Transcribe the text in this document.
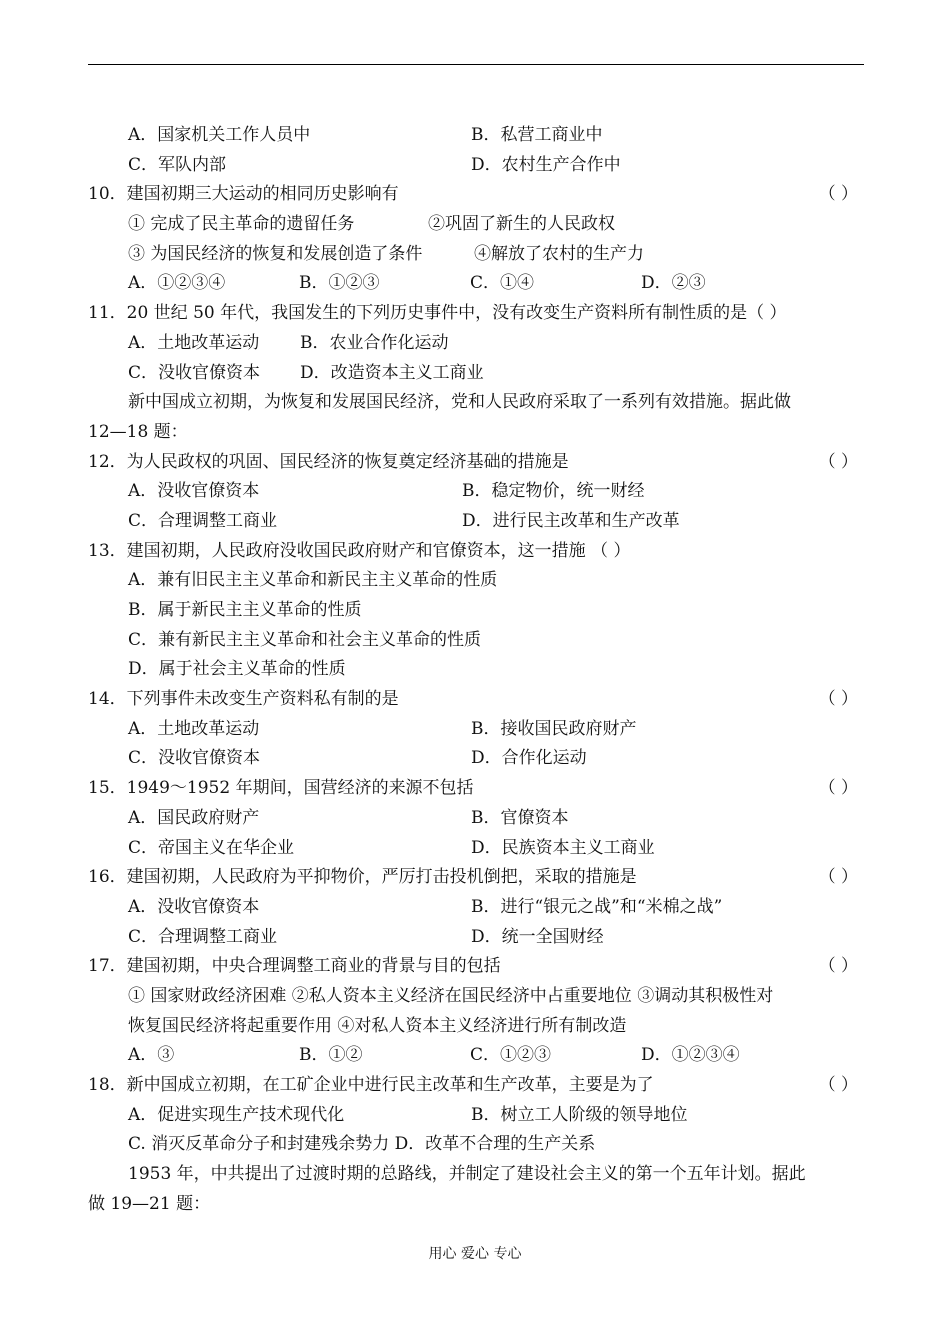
A．国家机关工作人员中	B．私营工商业中
C．军队内部	D．农村生产合作中
10．建国初期三大运动的相同历史影响有	（ ）
① 完成了民主革命的遗留任务	②巩固了新生的人民政权
③ 为国民经济的恢复和发展创造了条件	④解放了农村的生产力
A．①②③④	B．①②③	C．①④	D．②③
11．20 世纪 50 年代，我国发生的下列历史事件中，没有改变生产资料所有制性质的是（ ）
A．土地改革运动	B．农业合作化运动
C．没收官僚资本	D．改造资本主义工商业
新中国成立初期，为恢复和发展国民经济，党和人民政府采取了一系列有效措施。据此做
12—18 题：
12．为人民政权的巩固、国民经济的恢复奠定经济基础的措施是	（ ）
A．没收官僚资本	B．稳定物价，统一财经
C．合理调整工商业	D．进行民主改革和生产改革
13．建国初期，人民政府没收国民政府财产和官僚资本，这一措施 （ ）
A．兼有旧民主主义革命和新民主主义革命的性质
B．属于新民主主义革命的性质
C．兼有新民主主义革命和社会主义革命的性质
D．属于社会主义革命的性质
14．下列事件未改变生产资料私有制的是	（ ）
A．土地改革运动	B．接收国民政府财产
C．没收官僚资本	D．合作化运动
15．1949～1952 年期间，国营经济的来源不包括	（ ）
A．国民政府财产	B．官僚资本
C．帝国主义在华企业	D．民族资本主义工商业
16．建国初期，人民政府为平抑物价，严厉打击投机倒把，采取的措施是	（ ）
A．没收官僚资本	B．进行“银元之战”和“米棉之战”
C．合理调整工商业	D．统一全国财经
17．建国初期，中央合理调整工商业的背景与目的包括	（ ）
① 国家财政经济困难 ②私人资本主义经济在国民经济中占重要地位 ③调动其积极性对
恢复国民经济将起重要作用 ④对私人资本主义经济进行所有制改造
A．③	B．①②	C．①②③	D．①②③④
18．新中国成立初期，在工矿企业中进行民主改革和生产改革，主要是为了	（ ）
A．促进实现生产技术现代化	B．树立工人阶级的领导地位
C. 消灭反革命分子和封建残余势力 D．改革不合理的生产关系
1953 年，中共提出了过渡时期的总路线，并制定了建设社会主义的第一个五年计划。据此
做 19—21 题：
用心 爱心 专心
